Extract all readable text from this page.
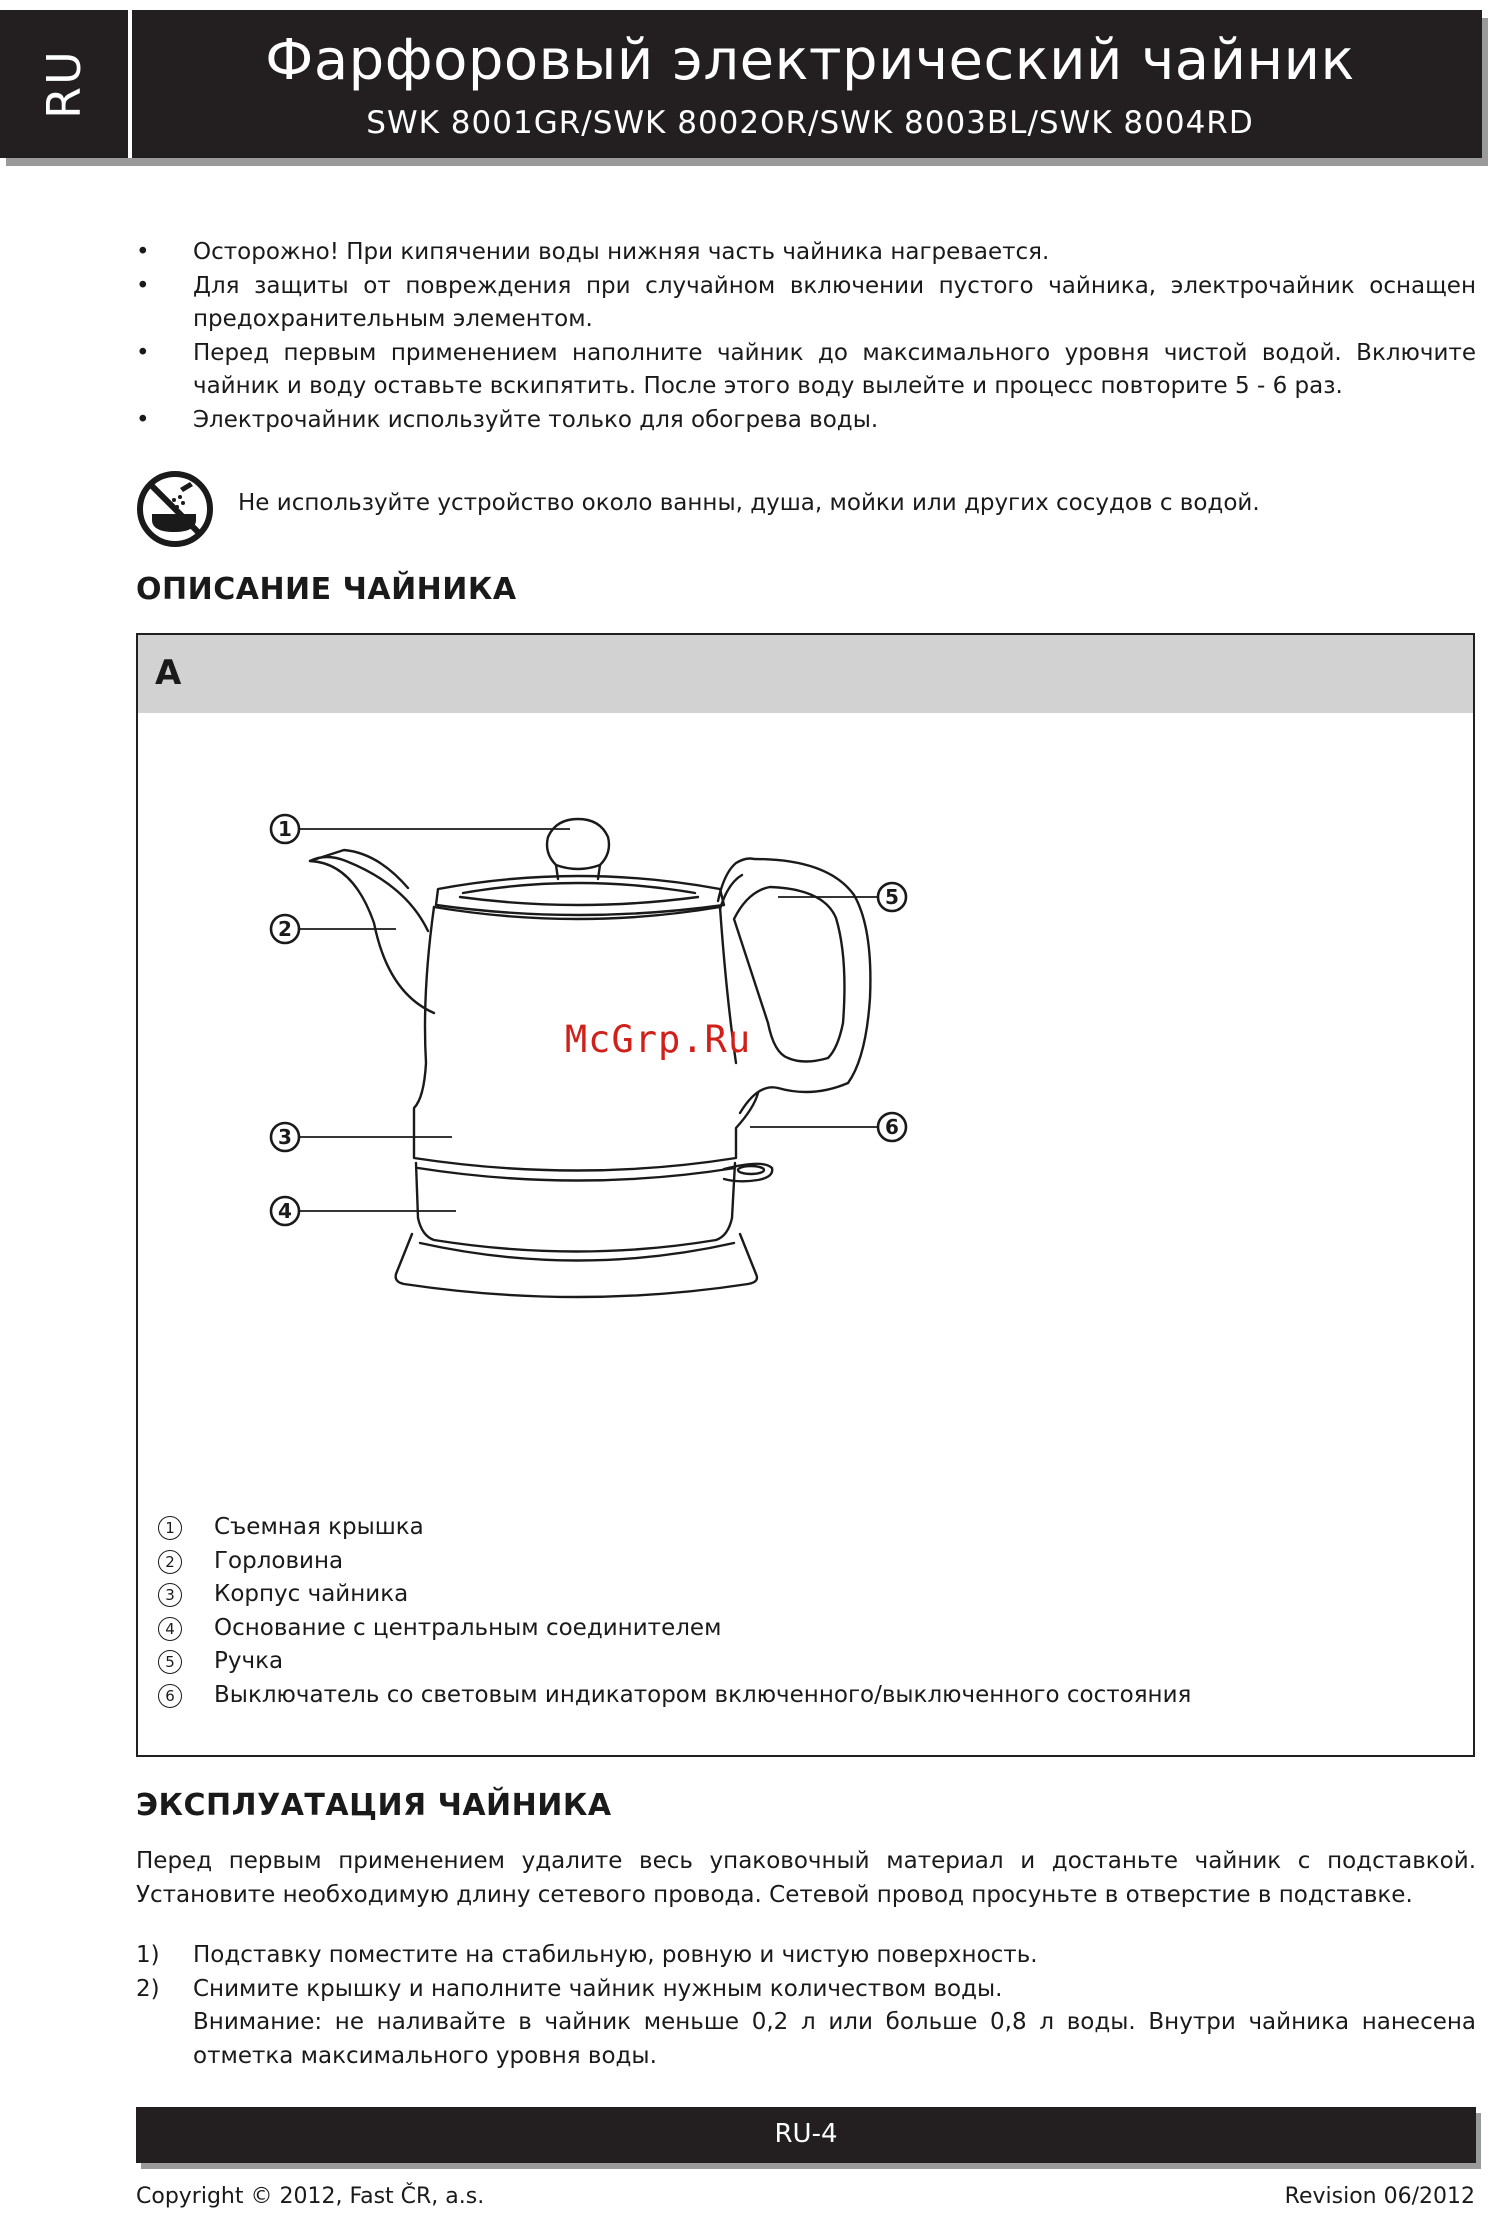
RU	Фарфоровый электрический чайник
SWK 8001GR/SWK 8002OR/SWK 8003BL/SWK 8004RD
• Осторожно! При кипячении воды нижняя часть чайника нагревается.
• Для защиты от повреждения при случайном включении пустого чайника, электрочайник оснащен предохранительным элементом.
• Перед первым применением наполните чайник до максимального уровня чистой водой. Включите чайник и воду оставьте вскипятить. После этого воду вылейте и процесс повторите 5 - 6 раз.
• Электрочайник используйте только для обогрева воды.
Не используйте устройство около ванны, душа, мойки или других сосудов с водой.
ОПИСАНИЕ ЧАЙНИКА
A
1
2
3
4
5
6
McGrp.Ru
1	Съемная крышка
2	Горловина
3	Корпус чайника
4	Основание с центральным соединителем
5	Ручка
6	Выключатель со световым индикатором включенного/выключенного состояния
ЭКСПЛУАТАЦИЯ ЧАЙНИКА
Перед первым применением удалите весь упаковочный материал и достаньте чайник с подставкой. Установите необходимую длину сетевого провода. Сетевой провод просуньте в отверстие в подставке.
1) Подставку поместите на стабильную, ровную и чистую поверхность.
2) Снимите крышку и наполните чайник нужным количеством воды.
Внимание: не наливайте в чайник меньше 0,2 л или больше 0,8 л воды. Внутри чайника нанесена отметка максимального уровня воды.
RU-4
Copyright © 2012, Fast ČR, a.s.	Revision 06/2012
